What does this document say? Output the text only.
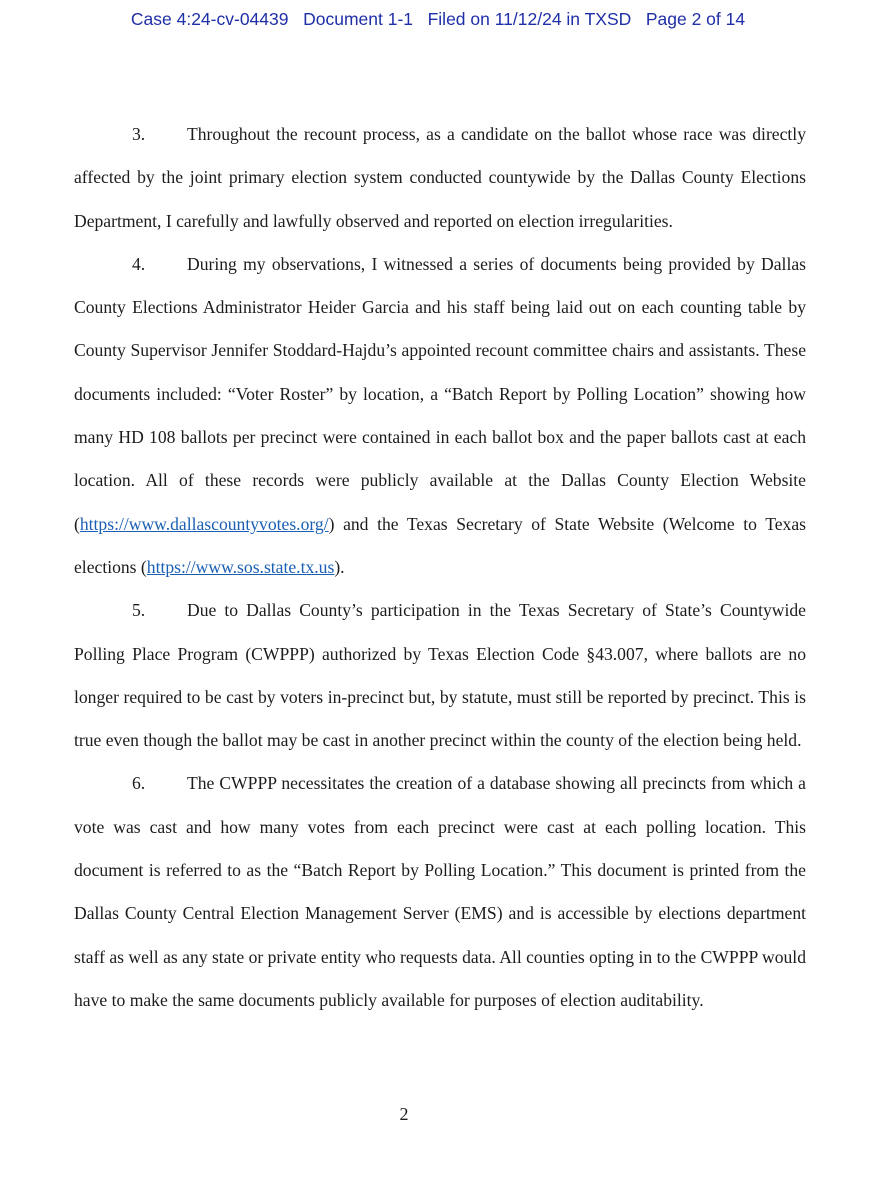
Case 4:24-cv-04439 Document 1-1 Filed on 11/12/24 in TXSD Page 2 of 14

3. Throughout the recount process, as a candidate on the ballot whose race was directly affected by the joint primary election system conducted countywide by the Dallas County Elections Department, I carefully and lawfully observed and reported on election irregularities.

4. During my observations, I witnessed a series of documents being provided by Dallas County Elections Administrator Heider Garcia and his staff being laid out on each counting table by County Supervisor Jennifer Stoddard-Hajdu’s appointed recount committee chairs and assistants. These documents included: “Voter Roster” by location, a “Batch Report by Polling Location” showing how many HD 108 ballots per precinct were contained in each ballot box and the paper ballots cast at each location. All of these records were publicly available at the Dallas County Election Website (https://www.dallascountyvotes.org/) and the Texas Secretary of State Website (Welcome to Texas elections (https://www.sos.state.tx.us).

5. Due to Dallas County’s participation in the Texas Secretary of State’s Countywide Polling Place Program (CWPPP) authorized by Texas Election Code §43.007, where ballots are no longer required to be cast by voters in-precinct but, by statute, must still be reported by precinct. This is true even though the ballot may be cast in another precinct within the county of the election being held.

6. The CWPPP necessitates the creation of a database showing all precincts from which a vote was cast and how many votes from each precinct were cast at each polling location. This document is referred to as the “Batch Report by Polling Location.” This document is printed from the Dallas County Central Election Management Server (EMS) and is accessible by elections department staff as well as any state or private entity who requests data. All counties opting in to the CWPPP would have to make the same documents publicly available for purposes of election auditability.

2
